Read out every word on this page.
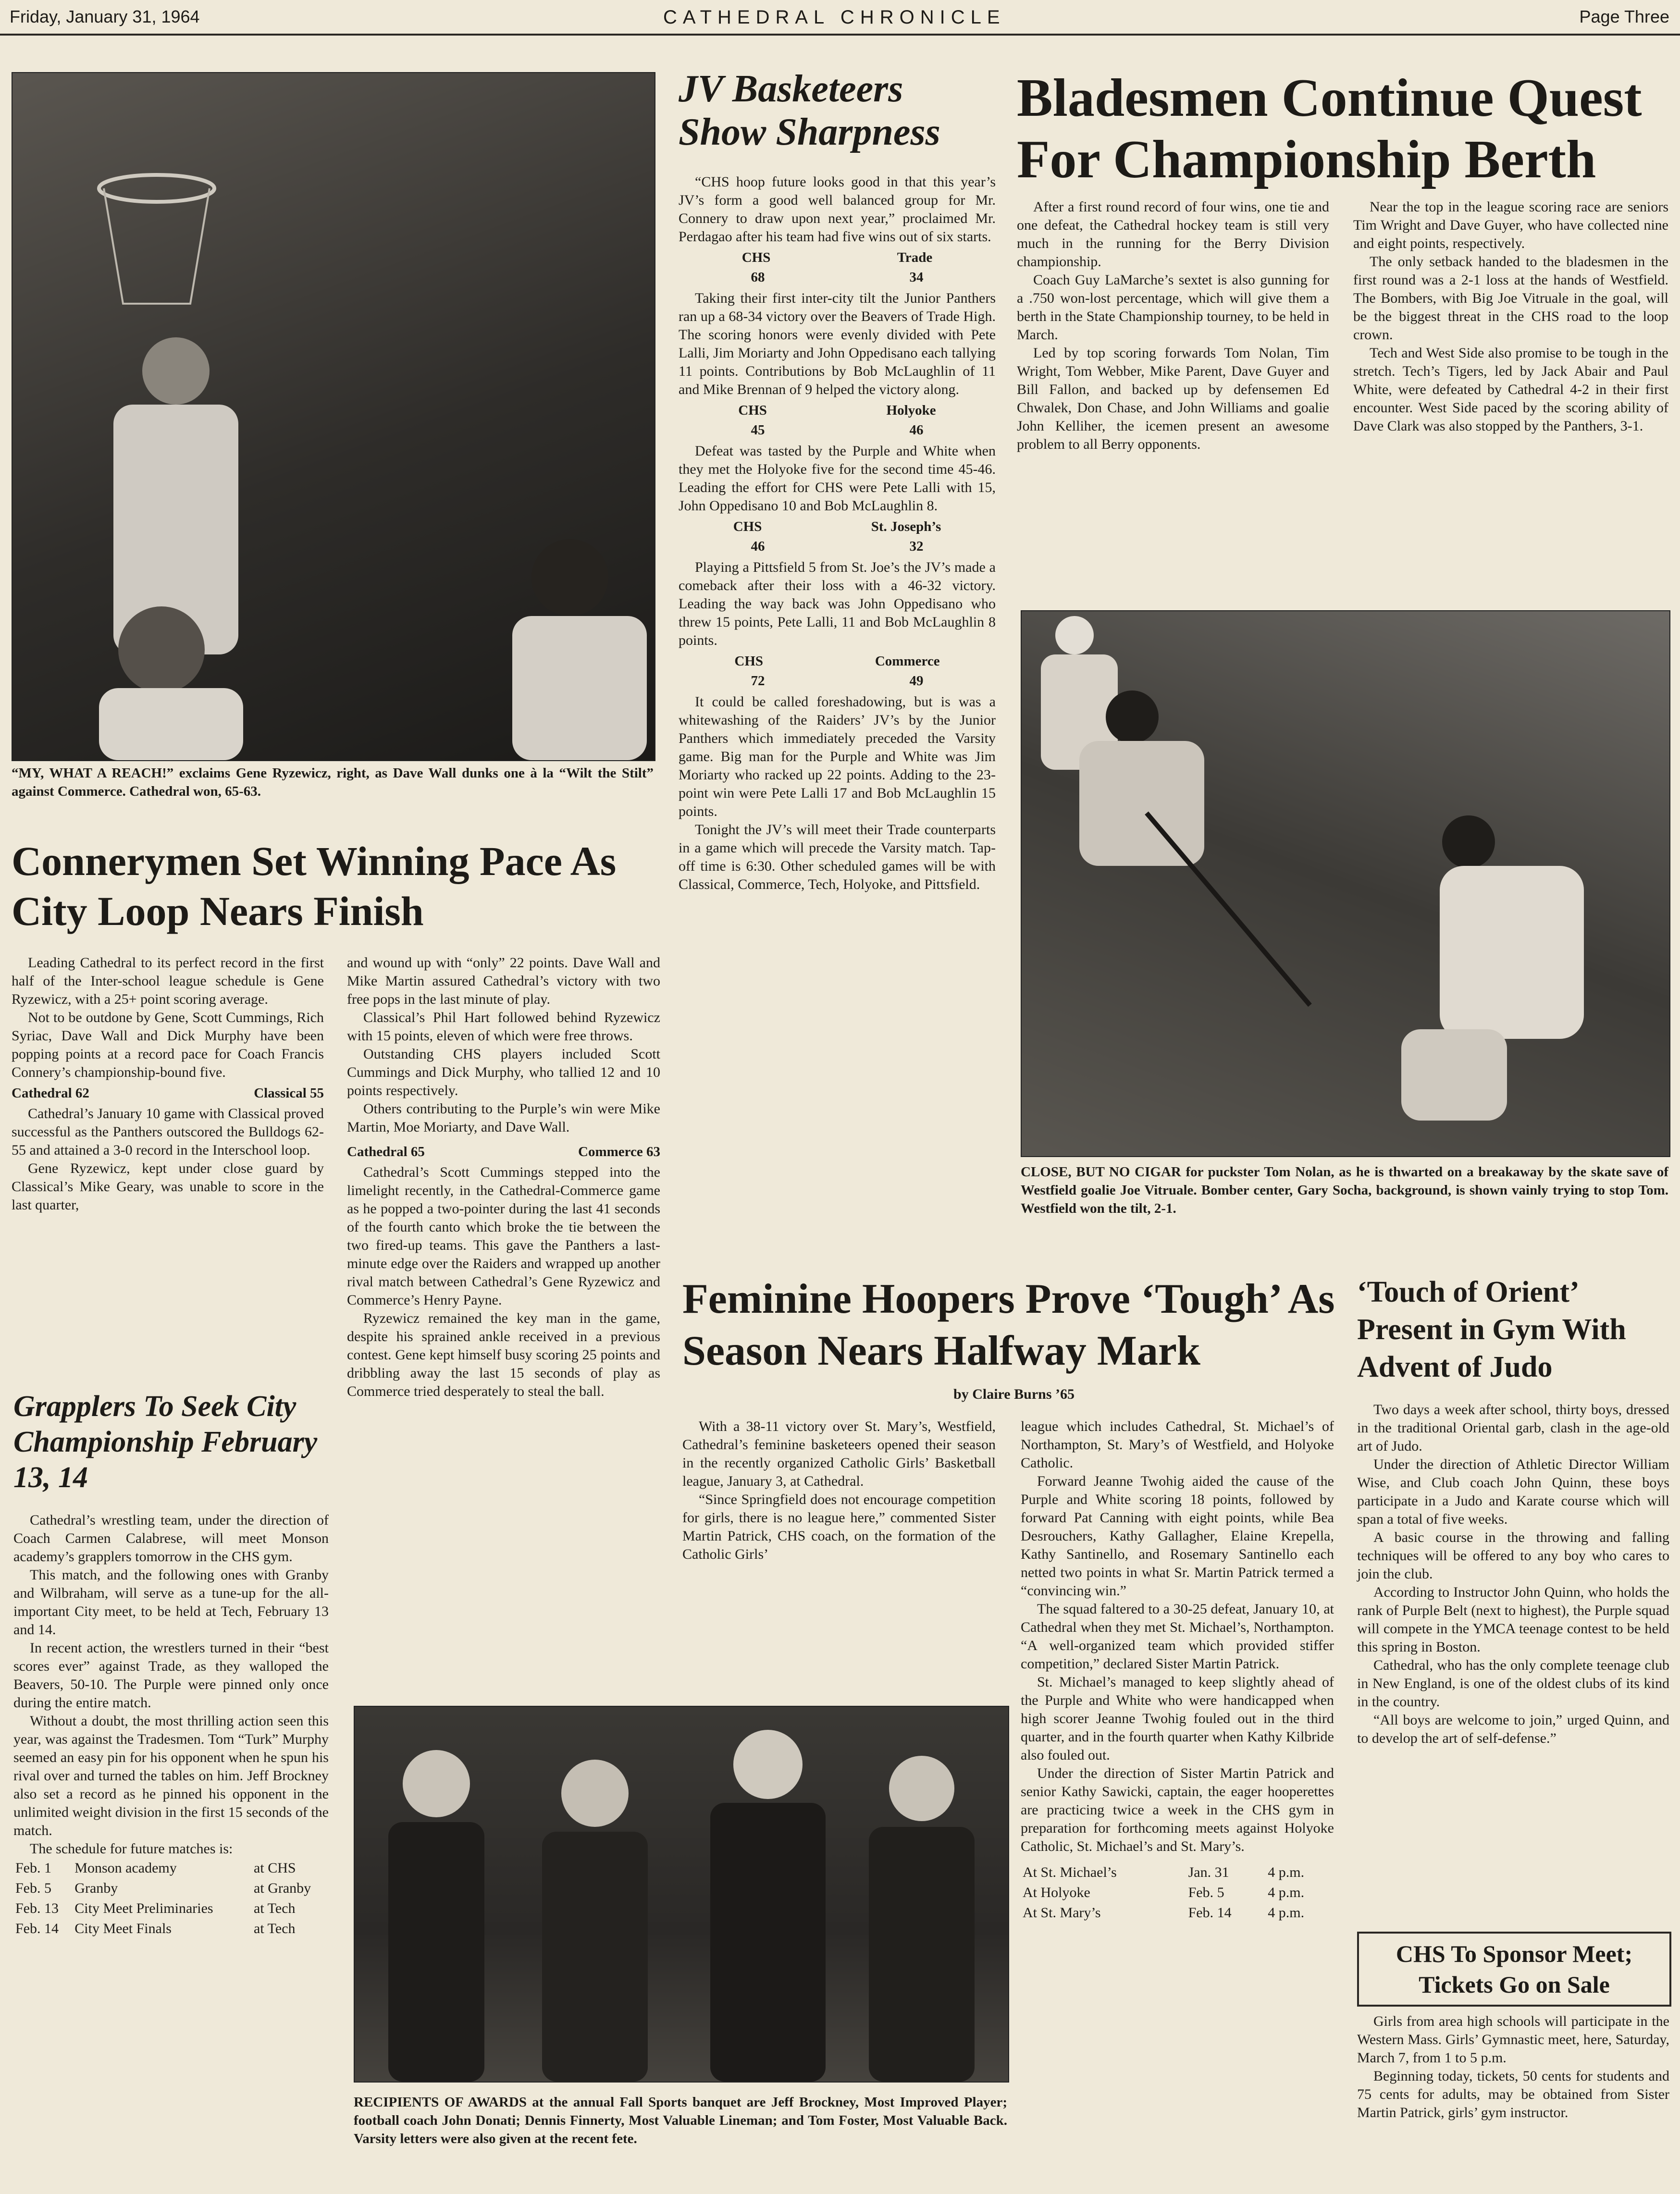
Friday, January 31, 1964	CATHEDRAL CHRONICLE	Page Three

“MY, WHAT A REACH!” exclaims Gene Ryzewicz, right, as Dave Wall dunks one à la “Wilt the Stilt” against Commerce. Cathedral won, 65-63.

JV Basketeers Show Sharpness

“CHS hoop future looks good in that this year’s JV’s form a good well balanced group for Mr. Connery to draw upon next year,” proclaimed Mr. Perdagao after his team had five wins out of six starts.

CHS	Trade
68	34

Taking their first inter-city tilt the Junior Panthers ran up a 68-34 victory over the Beavers of Trade High. The scoring honors were evenly divided with Pete Lalli, Jim Moriarty and John Oppedisano each tallying 11 points. Contributions by Bob McLaughlin of 11 and Mike Brennan of 9 helped the victory along.

CHS	Holyoke
45	46

Defeat was tasted by the Purple and White when they met the Holyoke five for the second time 45-46. Leading the effort for CHS were Pete Lalli with 15, John Oppedisano 10 and Bob McLaughlin 8.

CHS	St. Joseph’s
46	32

Playing a Pittsfield 5 from St. Joe’s the JV’s made a comeback after their loss with a 46-32 victory. Leading the way back was John Oppedisano who threw 15 points, Pete Lalli, 11 and Bob McLaughlin 8 points.

CHS	Commerce
72	49

It could be called foreshadowing, but is was a whitewashing of the Raiders’ JV’s by the Junior Panthers which immediately preceded the Varsity game. Big man for the Purple and White was Jim Moriarty who racked up 22 points. Adding to the 23-point win were Pete Lalli 17 and Bob McLaughlin 15 points.

Tonight the JV’s will meet their Trade counterparts in a game which will precede the Varsity match. Tap-off time is 6:30. Other scheduled games will be with Classical, Commerce, Tech, Holyoke, and Pittsfield.

Bladesmen Continue Quest For Championship Berth

After a first round record of four wins, one tie and one defeat, the Cathedral hockey team is still very much in the running for the Berry Division championship.

Coach Guy LaMarche’s sextet is also gunning for a .750 won-lost percentage, which will give them a berth in the State Championship tourney, to be held in March.

Led by top scoring forwards Tom Nolan, Tim Wright, Tom Webber, Mike Parent, Dave Guyer and Bill Fallon, and backed up by defensemen Ed Chwalek, Don Chase, and John Williams and goalie John Kelliher, the icemen present an awesome problem to all Berry opponents.

Near the top in the league scoring race are seniors Tim Wright and Dave Guyer, who have collected nine and eight points, respectively.

The only setback handed to the bladesmen in the first round was a 2-1 loss at the hands of Westfield. The Bombers, with Big Joe Vitruale in the goal, will be the biggest threat in the CHS road to the loop crown.

Tech and West Side also promise to be tough in the stretch. Tech’s Tigers, led by Jack Abair and Paul White, were defeated by Cathedral 4-2 in their first encounter. West Side paced by the scoring ability of Dave Clark was also stopped by the Panthers, 3-1.

CLOSE, BUT NO CIGAR for puckster Tom Nolan, as he is thwarted on a breakaway by the skate save of Westfield goalie Joe Vitruale. Bomber center, Gary Socha, background, is shown vainly trying to stop Tom. Westfield won the tilt, 2-1.

Connerymen Set Winning Pace As City Loop Nears Finish

Leading Cathedral to its perfect record in the first half of the Inter-school league schedule is Gene Ryzewicz, with a 25+ point scoring average.

Not to be outdone by Gene, Scott Cummings, Rich Syriac, Dave Wall and Dick Murphy have been popping points at a record pace for Coach Francis Connery’s championship-bound five.

Cathedral 62	Classical 55

Cathedral’s January 10 game with Classical proved successful as the Panthers outscored the Bulldogs 62-55 and attained a 3-0 record in the Interschool loop.

Gene Ryzewicz, kept under close guard by Classical’s Mike Geary, was unable to score in the last quarter,

and wound up with “only” 22 points. Dave Wall and Mike Martin assured Cathedral’s victory with two free pops in the last minute of play.

Classical’s Phil Hart followed behind Ryzewicz with 15 points, eleven of which were free throws.

Outstanding CHS players included Scott Cummings and Dick Murphy, who tallied 12 and 10 points respectively.

Others contributing to the Purple’s win were Mike Martin, Moe Moriarty, and Dave Wall.

Cathedral 65	Commerce 63

Cathedral’s Scott Cummings stepped into the limelight recently, in the Cathedral-Commerce game as he popped a two-pointer during the last 41 seconds of the fourth canto which broke the tie between the two fired-up teams. This gave the Panthers a last-minute edge over the Raiders and wrapped up another rival match between Cathedral’s Gene Ryzewicz and Commerce’s Henry Payne.

Ryzewicz remained the key man in the game, despite his sprained ankle received in a previous contest. Gene kept himself busy scoring 25 points and dribbling away the last 15 seconds of play as Commerce tried desperately to steal the ball.

Grapplers To Seek City Championship February 13, 14

Cathedral’s wrestling team, under the direction of Coach Carmen Calabrese, will meet Monson academy’s grapplers tomorrow in the CHS gym.

This match, and the following ones with Granby and Wilbraham, will serve as a tune-up for the all-important City meet, to be held at Tech, February 13 and 14.

In recent action, the wrestlers turned in their “best scores ever” against Trade, as they walloped the Beavers, 50-10. The Purple were pinned only once during the entire match.

Without a doubt, the most thrilling action seen this year, was against the Tradesmen. Tom “Turk” Murphy seemed an easy pin for his opponent when he spun his rival over and turned the tables on him. Jeff Brockney also set a record as he pinned his opponent in the unlimited weight division in the first 15 seconds of the match.

The schedule for future matches is:

Feb. 1	Monson academy	at CHS
Feb. 5	Granby	at Granby
Feb. 13	City Meet Preliminaries	at Tech
Feb. 14	City Meet Finals	at Tech

RECIPIENTS OF AWARDS at the annual Fall Sports banquet are Jeff Brockney, Most Improved Player; football coach John Donati; Dennis Finnerty, Most Valuable Lineman; and Tom Foster, Most Valuable Back. Varsity letters were also given at the recent fete.

Feminine Hoopers Prove ‘Tough’ As Season Nears Halfway Mark

by Claire Burns ’65

With a 38-11 victory over St. Mary’s, Westfield, Cathedral’s feminine basketeers opened their season in the recently organized Catholic Girls’ Basketball league, January 3, at Cathedral.

“Since Springfield does not encourage competition for girls, there is no league here,” commented Sister Martin Patrick, CHS coach, on the formation of the Catholic Girls’

league which includes Cathedral, St. Michael’s of Northampton, St. Mary’s of Westfield, and Holyoke Catholic.

Forward Jeanne Twohig aided the cause of the Purple and White scoring 18 points, followed by forward Pat Canning with eight points, while Bea Desrouchers, Kathy Gallagher, Elaine Krepella, Kathy Santinello, and Rosemary Santinello each netted two points in what Sr. Martin Patrick termed a “convincing win.”

The squad faltered to a 30-25 defeat, January 10, at Cathedral when they met St. Michael’s, Northampton. “A well-organized team which provided stiffer competition,” declared Sister Martin Patrick.

St. Michael’s managed to keep slightly ahead of the Purple and White who were handicapped when high scorer Jeanne Twohig fouled out in the third quarter, and in the fourth quarter when Kathy Kilbride also fouled out.

Under the direction of Sister Martin Patrick and senior Kathy Sawicki, captain, the eager hooperettes are practicing twice a week in the CHS gym in preparation for forthcoming meets against Holyoke Catholic, St. Michael’s and St. Mary’s.

At St. Michael’s	Jan. 31	4 p.m.
At Holyoke	Feb. 5	4 p.m.
At St. Mary’s	Feb. 14	4 p.m.
‘Touch of Orient’ Present in Gym With Advent of Judo

Two days a week after school, thirty boys, dressed in the traditional Oriental garb, clash in the age-old art of Judo.

Under the direction of Athletic Director William Wise, and Club coach John Quinn, these boys participate in a Judo and Karate course which will span a total of five weeks.

A basic course in the throwing and falling techniques will be offered to any boy who cares to join the club.

According to Instructor John Quinn, who holds the rank of Purple Belt (next to highest), the Purple squad will compete in the YMCA teenage contest to be held this spring in Boston.

Cathedral, who has the only complete teenage club in New England, is one of the oldest clubs of its kind in the country.

“All boys are welcome to join,” urged Quinn, and to develop the art of self-defense.”

CHS To Sponsor Meet; Tickets Go on Sale

Girls from area high schools will participate in the Western Mass. Girls’ Gymnastic meet, here, Saturday, March 7, from 1 to 5 p.m.

Beginning today, tickets, 50 cents for students and 75 cents for adults, may be obtained from Sister Martin Patrick, girls’ gym instructor.
